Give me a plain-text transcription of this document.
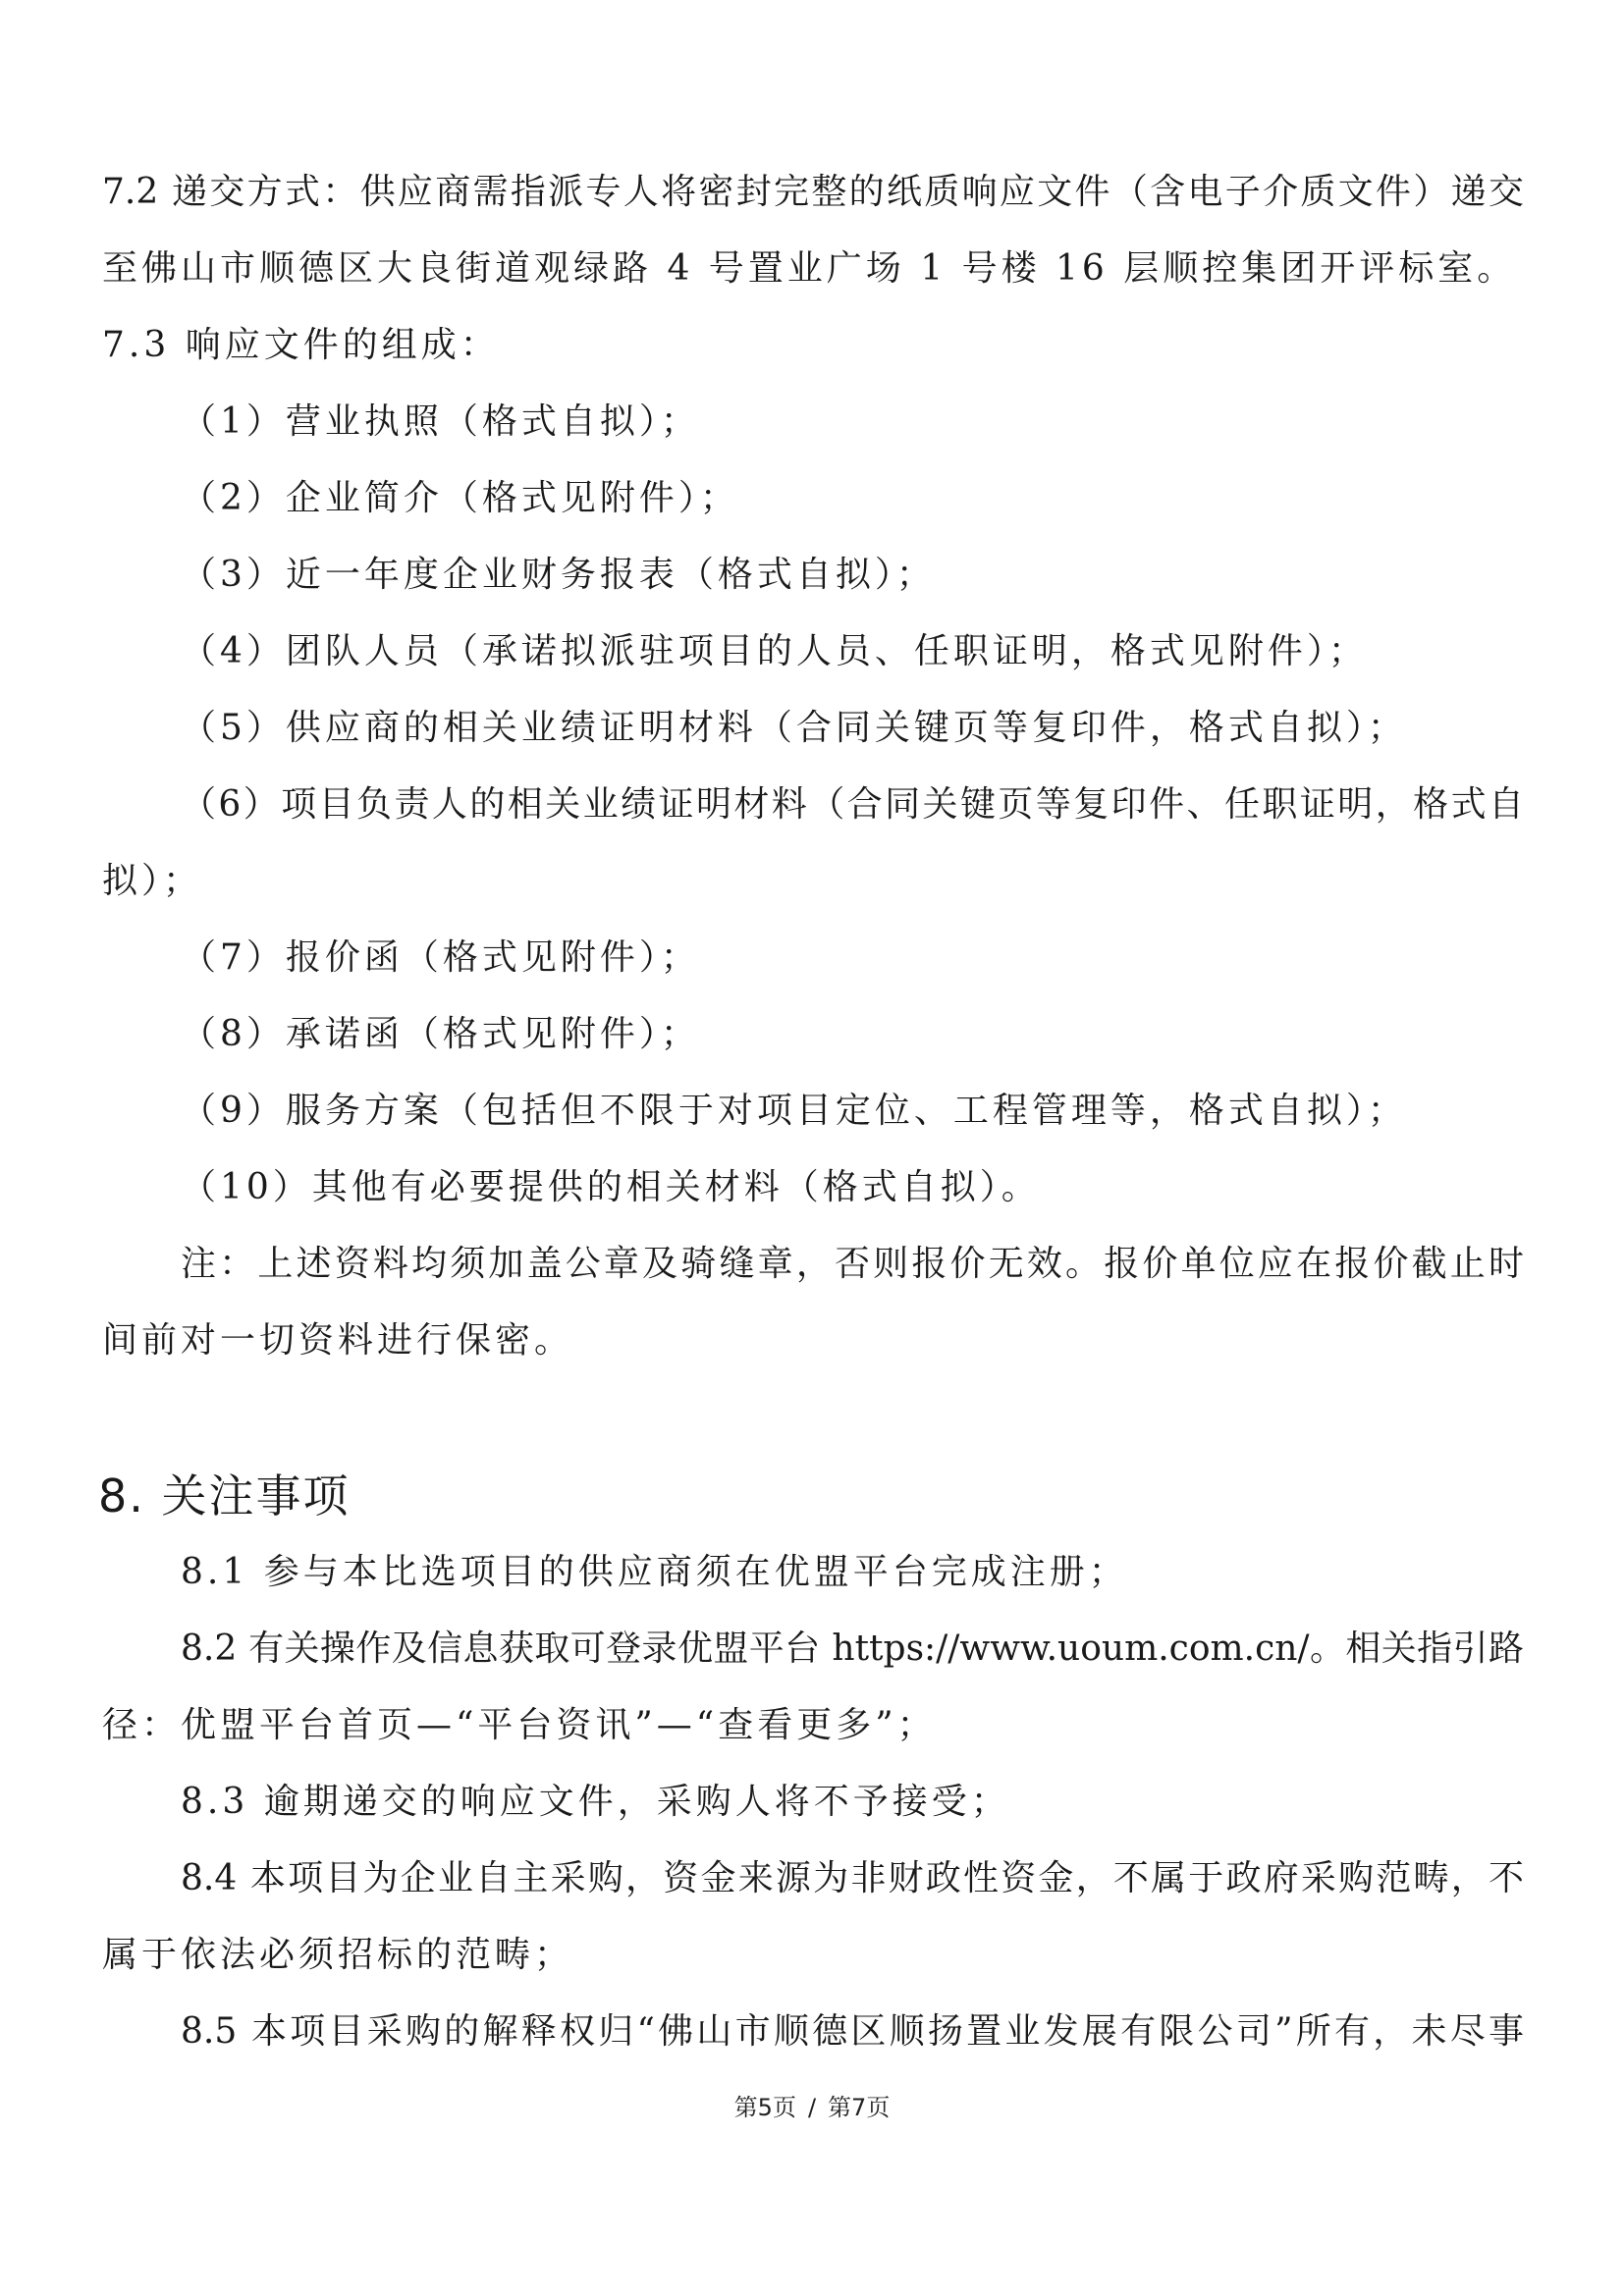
7.2 递交方式：供应商需指派专人将密封完整的纸质响应文件（含电子介质文件）递交
至佛山市顺德区大良街道观绿路 4 号置业广场 1 号楼 16 层顺控集团开评标室。
7.3 响应文件的组成：
（1）营业执照（格式自拟）；
（2）企业简介（格式见附件）；
（3）近一年度企业财务报表（格式自拟）；
（4）团队人员（承诺拟派驻项目的人员、任职证明，格式见附件）；
（5）供应商的相关业绩证明材料（合同关键页等复印件，格式自拟）；
（6）项目负责人的相关业绩证明材料（合同关键页等复印件、任职证明，格式自
拟）；
（7）报价函（格式见附件）；
（8）承诺函（格式见附件）；
（9）服务方案（包括但不限于对项目定位、工程管理等，格式自拟）；
（10）其他有必要提供的相关材料（格式自拟）。
注：上述资料均须加盖公章及骑缝章，否则报价无效。报价单位应在报价截止时
间前对一切资料进行保密。
8. 关注事项
8.1 参与本比选项目的供应商须在优盟平台完成注册；
8.2 有关操作及信息获取可登录优盟平台 https://www.uoum.com.cn/。相关指引路
径：优盟平台首页—“平台资讯”—“查看更多”；
8.3 逾期递交的响应文件，采购人将不予接受；
8.4 本项目为企业自主采购，资金来源为非财政性资金，不属于政府采购范畴，不
属于依法必须招标的范畴；
8.5 本项目采购的解释权归“佛山市顺德区顺扬置业发展有限公司”所有，未尽事
第5页 / 第7页
